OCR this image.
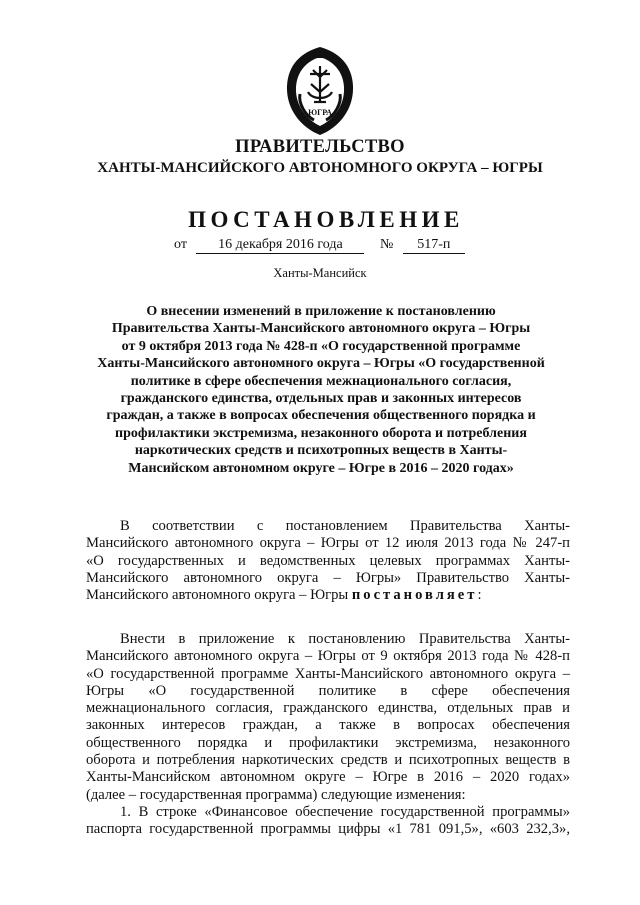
ЮГРА
ПРАВИТЕЛЬСТВО
ХАНТЫ-МАНСИЙСКОГО АВТОНОМНОГО ОКРУГА – ЮГРЫ
ПОСТАНОВЛЕНИЕ
от 16 декабря 2016 года	№ 517-п
Ханты-Мансийск
О внесении изменений в приложение к постановлению
Правительства Ханты-Мансийского автономного округа – Югры
от 9 октября 2013 года № 428-п «О государственной программе
Ханты-Мансийского автономного округа – Югры «О государственной
политике в сфере обеспечения межнационального согласия,
гражданского единства, отдельных прав и законных интересов
граждан, а также в вопросах обеспечения общественного порядка и
профилактики экстремизма, незаконного оборота и потребления
наркотических средств и психотропных веществ в Ханты-
Мансийском автономном округе – Югре в 2016 – 2020 годах»
В соответствии с постановлением Правительства Ханты-
Мансийского автономного округа – Югры от 12 июля 2013 года № 247-п
«О государственных и ведомственных целевых программах Ханты-
Мансийского автономного округа – Югры» Правительство Ханты-
Мансийского автономного округа – Югры постановляет:
Внести в приложение к постановлению Правительства Ханты-
Мансийского автономного округа – Югры от 9 октября 2013 года № 428-п
«О государственной программе Ханты-Мансийского автономного округа –
Югры «О государственной политике в сфере обеспечения
межнационального согласия, гражданского единства, отдельных прав и
законных интересов граждан, а также в вопросах обеспечения
общественного порядка и профилактики экстремизма, незаконного
оборота и потребления наркотических средств и психотропных веществ в
Ханты-Мансийском автономном округе – Югре в 2016 – 2020 годах»
(далее – государственная программа) следующие изменения:
1. В строке «Финансовое обеспечение государственной программы»
паспорта государственной программы цифры «1 781 091,5», «603 232,3»,
